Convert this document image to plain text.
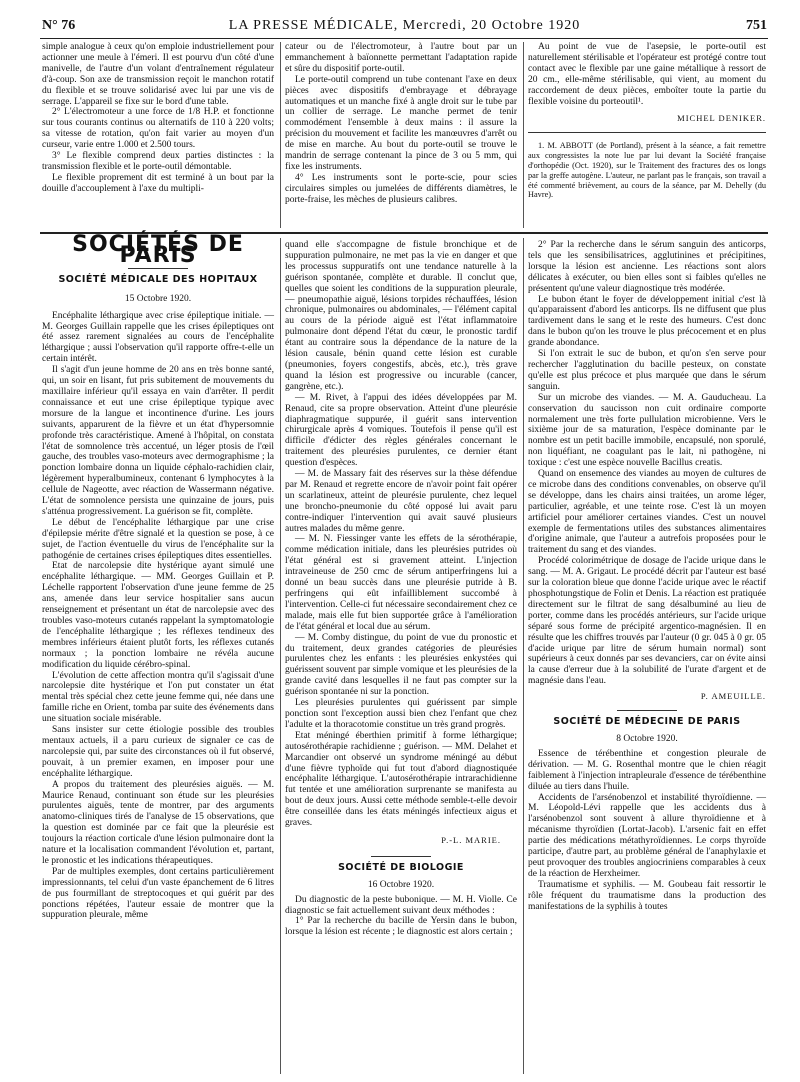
N° 76	LA PRESSE MÉDICALE, Mercredi, 20 Octobre 1920	751

simple analogue à ceux qu'on emploie industriellement pour actionner une meule à l'émeri. Il est pourvu d'un côté d'une manivelle, de l'autre d'un volant d'entraînement régulateur d'à-coup. Son axe de transmission reçoit le manchon rotatif du flexible et se trouve solidarisé avec lui par une vis de serrage. L'appareil se fixe sur le bord d'une table.

2° L'électromoteur a une force de 1/8 H.P. et fonctionne sur tous courants continus ou alternatifs de 110 à 220 volts; sa vitesse de rotation, qu'on fait varier au moyen d'un curseur, varie entre 1.000 et 2.500 tours.

3° Le flexible comprend deux parties distinctes : la transmission flexible et le porte-outil démontable.

Le flexible proprement dit est terminé à un bout par la douille d'accouplement à l'axe du multipli-

cateur ou de l'électromoteur, à l'autre bout par un emmanchement à baïonnette permettant l'adaptation rapide et sûre du dispositif porte-outil.

Le porte-outil comprend un tube contenant l'axe en deux pièces avec dispositifs d'embrayage et débrayage automatiques et un manche fixé à angle droit sur le tube par un collier de serrage. Le manche permet de tenir commodément l'ensemble à deux mains : il assure la précision du mouvement et facilite les manœuvres d'arrêt ou de mise en marche. Au bout du porte-outil se trouve le mandrin de serrage contenant la pince de 3 ou 5 mm, qui fixe les instruments.

4° Les instruments sont le porte-scie, pour scies circulaires simples ou jumelées de différents diamètres, le porte-fraise, les mèches de plusieurs calibres.

Au point de vue de l'asepsie, le porte-outil est naturellement stérilisable et l'opérateur est protégé contre tout contact avec le flexible par une gaine métallique à ressort de 20 cm., elle-même stérilisable, qui vient, au moment du raccordement de deux pièces, emboîter toute la partie du flexible voisine du porteoutil¹.

MICHEL DENIKER.

1. M. ABBOTT (de Portland), présent à la séance, a fait remettre aux congressistes la note lue par lui devant la Société française d'orthopédie (Oct. 1920), sur le Traitement des fractures des os longs par la greffe autogène. L'auteur, ne parlant pas le français, son travail a été commenté brièvement, au cours de la séance, par M. Dehelly (du Havre).

SOCIÉTÉS DE PARIS
SOCIÉTÉ MÉDICALE DES HOPITAUX
15 Octobre 1920.

Encéphalite léthargique avec crise épileptique initiale. — M. Georges Guillain rappelle que les crises épileptiques ont été assez rarement signalées au cours de l'encéphalite léthargique ; aussi l'observation qu'il rapporte offre-t-elle un certain intérêt.

Il s'agit d'un jeune homme de 20 ans en très bonne santé, qui, un soir en lisant, fut pris subitement de mouvements du maxillaire inférieur qu'il essaya en vain d'arrêter. Il perdit connaissance et eut une crise épileptique typique avec morsure de la langue et incontinence d'urine. Les jours suivants, apparurent de la fièvre et un état d'hypersomnie profonde très caractéristique. Amené à l'hôpital, on constata l'état de somnolence très accentué, un léger ptosis de l'œil gauche, des troubles vaso-moteurs avec dermographisme ; la ponction lombaire donna un liquide céphalo-rachidien clair, légèrement hyperalbumineux, contenant 6 lymphocytes à la cellule de Nageotte, avec réaction de Wassermann négative. L'état de somnolence persista une quinzaine de jours, puis s'atténua progressivement. La guérison se fit, complète.

Le début de l'encéphalite léthargique par une crise d'épilepsie mérite d'être signalé et la question se pose, à ce sujet, de l'action éventuelle du virus de l'encéphalite sur la pathogénie de certaines crises épileptiques dites essentielles.

Etat de narcolepsie dite hystérique ayant simulé une encéphalite léthargique. — MM. Georges Guillain et P. Léchelle rapportent l'observation d'une jeune femme de 25 ans, amenée dans leur service hospitalier sans aucun renseignement et présentant un état de narcolepsie avec des troubles vaso-moteurs cutanés rappelant la symptomatologie de l'encéphalite léthargique ; les réflexes tendineux des membres inférieurs étaient plutôt forts, les réflexes cutanés normaux ; la ponction lombaire ne révéla aucune modification du liquide cérébro-spinal.

L'évolution de cette affection montra qu'il s'agissait d'une narcolepsie dite hystérique et l'on put constater un état mental très spécial chez cette jeune femme qui, née dans une famille riche en Orient, tomba par suite des événements dans une situation sociale misérable.

Sans insister sur cette étiologie possible des troubles mentaux actuels, il a paru curieux de signaler ce cas de narcolepsie qui, par suite des circonstances où il fut observé, pouvait, à un premier examen, en imposer pour une encéphalite léthargique.

A propos du traitement des pleurésies aiguës. — M. Maurice Renaud, continuant son étude sur les pleurésies purulentes aiguës, tente de montrer, par des arguments anatomo-cliniques tirés de l'analyse de 15 observations, que la question est dominée par ce fait que la pleurésie est toujours la réaction corticale d'une lésion pulmonaire dont la nature et la localisation commandent l'évolution et, partant, le pronostic et les indications thérapeutiques.

Par de multiples exemples, dont certains particulièrement impressionnants, tel celui d'un vaste épanchement de 6 litres de pus fourmillant de streptocoques et qui guérit par des ponctions répétées, l'auteur essaie de montrer que la suppuration pleurale, même

quand elle s'accompagne de fistule bronchique et de suppuration pulmonaire, ne met pas la vie en danger et que les processus suppuratifs ont une tendance naturelle à la guérison spontanée, complète et durable. Il conclut que, quelles que soient les conditions de la suppuration pleurale, — pneumopathie aiguë, lésions torpides réchauffées, lésion chronique, pulmonaires ou abdominales, — l'élément capital au cours de la période aiguë est l'état inflammatoire pulmonaire dont dépend l'état du cœur, le pronostic tardif étant au contraire sous la dépendance de la nature de la lésion causale, bénin quand cette lésion est curable (pneumonies, foyers congestifs, abcès, etc.), très grave quand la lésion est progressive ou incurable (cancer, gangrène, etc.).

— M. Rivet, à l'appui des idées développées par M. Renaud, cite sa propre observation. Atteint d'une pleurésie diaphragmatique suppurée, il guérit sans intervention chirurgicale après 4 vomiques. Toutefois il pense qu'il est difficile d'édicter des règles générales concernant le traitement des pleurésies purulentes, ce dernier étant question d'espèces.

— M. de Massary fait des réserves sur la thèse défendue par M. Renaud et regrette encore de n'avoir point fait opérer un scarlatineux, atteint de pleurésie purulente, chez lequel une broncho-pneumonie du côté opposé lui avait paru contre-indiquer l'intervention qui avait sauvé plusieurs autres malades du même genre.

— M. N. Fiessinger vante les effets de la sérothérapie, comme médication initiale, dans les pleurésies putrides où l'état général est si gravement atteint. L'injection intraveineuse de 250 cmc de sérum antiperfringens lui a donné un beau succès dans une pleurésie putride à B. perfringens qui eût infailliblement succombé à l'intervention. Celle-ci fut nécessaire secondairement chez ce malade, mais elle fut bien supportée grâce à l'amélioration de l'état général et local due au sérum.

— M. Comby distingue, du point de vue du pronostic et du traitement, deux grandes catégories de pleurésies purulentes chez les enfants : les pleurésies enkystées qui guérissent souvent par simple vomique et les pleurésies de la grande cavité dans lesquelles il ne faut pas compter sur la guérison spontanée ni sur la ponction.

Les pleurésies purulentes qui guérissent par simple ponction sont l'exception aussi bien chez l'enfant que chez l'adulte et la thoracotomie constitue un très grand progrès.

Etat méningé éberthien primitif à forme léthargique; autosérothérapie rachidienne ; guérison. — MM. Delahet et Marcandier ont observé un syndrome méningé au début d'une fièvre typhoïde qui fut tout d'abord diagnostiquée encéphalite léthargique. L'autosérothérapie intrarachidienne fut tentée et une amélioration surprenante se manifesta au bout de deux jours. Aussi cette méthode semble-t-elle devoir être conseillée dans les états méningés infectieux aigus et graves.

P.-L. MARIE.
SOCIÉTÉ DE BIOLOGIE
16 Octobre 1920.

Du diagnostic de la peste bubonique. — M. H. Violle. Ce diagnostic se fait actuellement suivant deux méthodes :

1° Par la recherche du bacille de Yersin dans le bubon, lorsque la lésion est récente ; le diagnostic est alors certain ;

2° Par la recherche dans le sérum sanguin des anticorps, tels que les sensibilisatrices, agglutinines et précipitines, lorsque la lésion est ancienne. Les réactions sont alors délicates à exécuter, ou bien elles sont si faibles qu'elles ne présentent qu'une valeur diagnostique très modérée.

Le bubon étant le foyer de développement initial c'est là qu'apparaissent d'abord les anticorps. Ils ne diffusent que plus tardivement dans le sang et le reste des humeurs. C'est donc dans le bubon qu'on les trouve le plus précocement et en plus grande abondance.

Si l'on extrait le suc de bubon, et qu'on s'en serve pour rechercher l'agglutination du bacille pesteux, on constate qu'elle est plus précoce et plus marquée que dans le sérum sanguin.

Sur un microbe des viandes. — M. A. Gauducheau. La conservation du saucisson non cuit ordinaire comporte normalement une très forte pullulation microbienne. Vers le sixième jour de sa maturation, l'espèce dominante par le nombre est un petit bacille immobile, encapsulé, non sporulé, non liquéfiant, ne coagulant pas le lait, ni pathogène, ni toxique : c'est une espèce nouvelle Bacillus creatis.

Quand on ensemence des viandes au moyen de cultures de ce microbe dans des conditions convenables, on observe qu'il se développe, dans les chairs ainsi traitées, un arome léger, particulier, agréable, et une teinte rose. C'est là un moyen artificiel pour améliorer certaines viandes. C'est un nouvel exemple de fermentations utiles des substances alimentaires d'origine animale, que l'auteur a autrefois proposées pour le traitement du sang et des viandes.

Procédé colorimétrique de dosage de l'acide urique dans le sang. — M. A. Grigaut. Le procédé décrit par l'auteur est basé sur la coloration bleue que donne l'acide urique avec le réactif phosphotungstique de Folin et Denis. La réaction est pratiquée directement sur le filtrat de sang désalbuminé au lieu de porter, comme dans les procédés antérieurs, sur l'acide urique séparé sous forme de précipité argentico-magnésien. Il en résulte que les chiffres trouvés par l'auteur (0 gr. 045 à 0 gr. 05 d'acide urique par litre de sérum humain normal) sont supérieurs à ceux donnés par ses devanciers, car on évite ainsi la cause d'erreur due à la solubilité de l'urate d'argent et de magnésie dans l'eau.

P. AMEUILLE.
SOCIÉTÉ DE MÉDECINE DE PARIS
8 Octobre 1920.

Essence de térébenthine et congestion pleurale de dérivation. — M. G. Rosenthal montre que le chien réagit faiblement à l'injection intrapleurale d'essence de térébenthine diluée au tiers dans l'huile.

Accidents de l'arsénobenzol et instabilité thyroïdienne. — M. Léopold-Lévi rappelle que les accidents dus à l'arsénobenzol sont souvent à allure thyroïdienne et à mécanisme thyroïdien (Lortat-Jacob). L'arsenic fait en effet partie des médications métathyroïdiennes. Le corps thyroïde participe, d'autre part, au problème général de l'anaphylaxie et peut provoquer des troubles angiocriniens comparables à ceux de la réaction de Herxheimer.

Traumatisme et syphilis. — M. Goubeau fait ressortir le rôle fréquent du traumatisme dans la production des manifestations de la syphilis à toutes
